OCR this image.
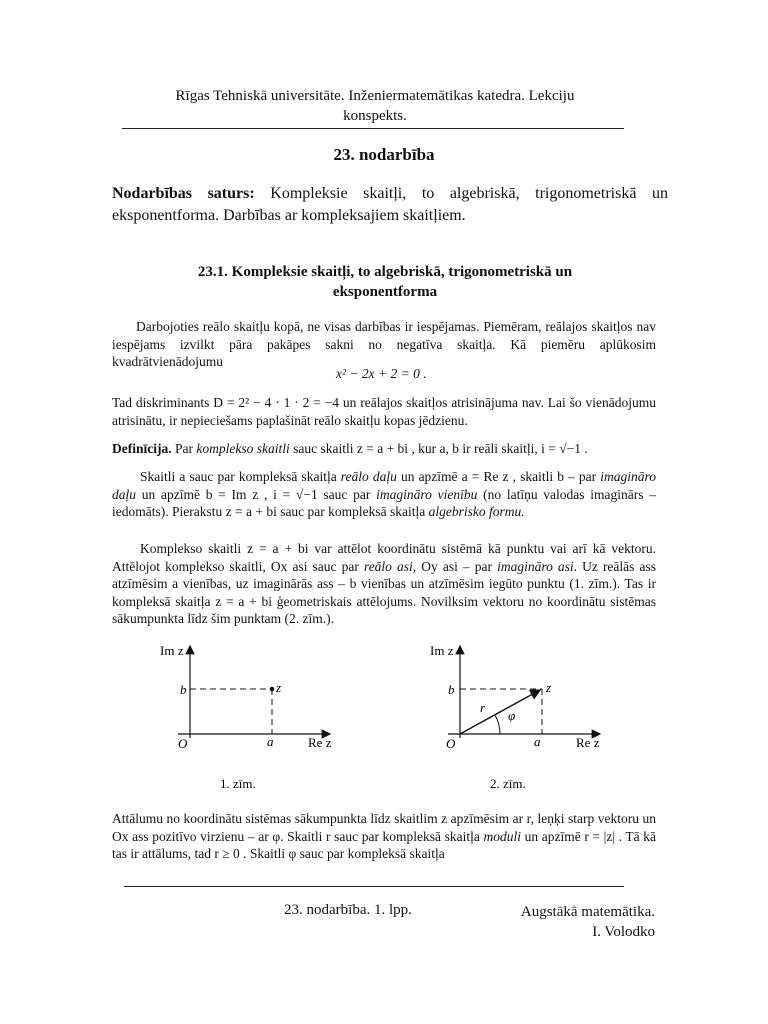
Rīgas Tehniskā universitāte. Inženiermatemātikas katedra. Lekciju
konspekts.
23. nodarbība
Nodarbības saturs: Kompleksie skaitļi, to algebriskā, trigonometriskā un eksponentforma. Darbības ar kompleksajiem skaitļiem.
23.1. Kompleksie skaitļi, to algebriskā, trigonometriskā un
eksponentforma
Darbojoties reālo skaitļu kopā, ne visas darbības ir iespējamas. Piemēram, reālajos skaitļos nav iespējams izvilkt pāra pakāpes sakni no negatīva skaitļa. Kā piemēru aplūkosim kvadrātvienādojumu
x² − 2x + 2 = 0 .
Tad diskriminants D = 2² − 4 · 1 · 2 = −4 un reālajos skaitļos atrisinājuma nav. Lai šo vienādojumu atrisinātu, ir nepieciešams paplašināt reālo skaitļu kopas jēdzienu.
Definīcija. Par komplekso skaitli sauc skaitli z = a + bi , kur a, b ir reāli skaitļi, i = √−1 .
Skaitli a sauc par kompleksā skaitļa reālo daļu un apzīmē a = Re z , skaitli b – par imagināro daļu un apzīmē b = Im z , i = √−1 sauc par imagināro vienību (no latīņu valodas imaginārs – iedomāts). Pierakstu z = a + bi sauc par kompleksā skaitļa algebrisko formu.
Komplekso skaitli z = a + bi var attēlot koordinātu sistēmā kā punktu vai arī kā vektoru. Attēlojot komplekso skaitli, Ox asi sauc par reālo asi, Oy asi – par imagināro asi. Uz reālās ass atzīmēsim a vienības, uz imaginārās ass – b vienības un atzīmēsim iegūto punktu (1. zīm.). Tas ir kompleksā skaitļa z = a + bi ģeometriskais attēlojums. Novilksim vektoru no koordinātu sistēmas sākumpunkta līdz šim punktam (2. zīm.).
Im z
b	z
O	a	Re z
1. zīm.
Im z
b	z
r
φ
O	a	Re z
2. zīm.
Attālumu no koordinātu sistēmas sākumpunkta līdz skaitlim z apzīmēsim ar r, leņķi starp vektoru un Ox ass pozitīvo virzienu – ar φ. Skaitli r sauc par kompleksā skaitļa moduli un apzīmē r = |z| . Tā kā tas ir attālums, tad r ≥ 0 . Skaitli φ sauc par kompleksā skaitļa
23. nodarbība. 1. lpp.	Augstākā matemātika.
I. Volodko
